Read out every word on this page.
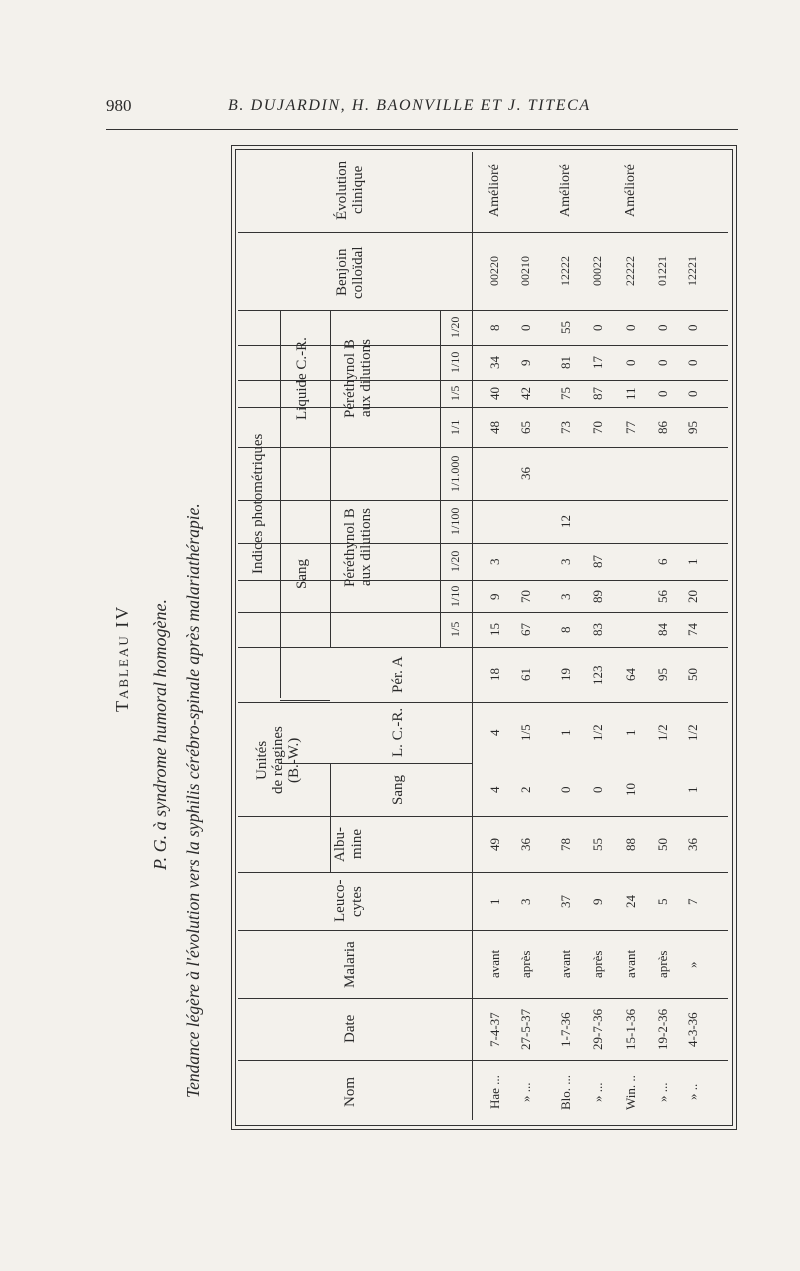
980	B. DUJARDIN, H. BAONVILLE ET J. TITECA
Tableau IV P. G. à syndrome humoral homogène. Tendance légère à l'évolution vers la syphilis cérébro-spinale après malariathérapie.	Nom
Date
Malaria
Leuco- cytes
Albu- mine
Unités de réagines (B.-W.)
Sang
L. C.-R.
Indices photométriques Sang
Liquide C.-R.
Pér. A
Péréthynol B aux dilutions
Péréthynol B aux dilutions
1/5
1/10
1/20
1/100
1/1.000
1/1
1/5
1/10
1/20
Benjoin colloïdal
Évolution clinique
Hae ...
7-4-37
avant
1
49
4
4
18
15
9
3
48
40
34
8
00220
Amélioré
» ...
27-5-37
après
3
36
2
1/5
61
67
70
36
65
42
9
0
00210
Blo. ...
1-7-36
avant
37
78
0
1
19
8
3
3
12
73
75
81
55
12222
Amélioré
» ...
29-7-36
après
9
55
0
1/2
123
83
89
87
70
87
17
0
00022
Win. ..
15-1-36
avant
24
88
10
1
64
77
11
0
0
22222
Amélioré
» ...
19-2-36
après
5
50
1/2
95
84
56
6
86
0
0
0
01221
» ..
4-3-36
»
7
36
1
1/2
50
74
20
1
95
0
0
0
12221
